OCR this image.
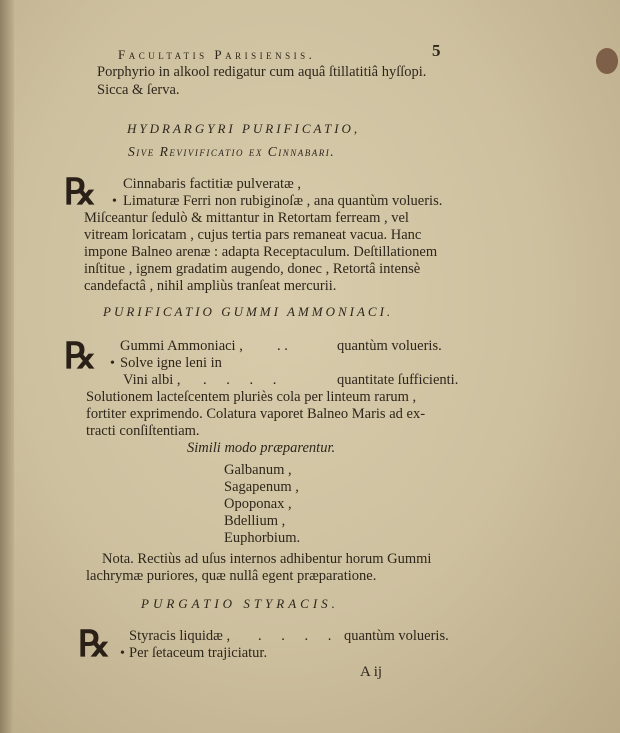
Facultatis Parisiensis.	5
Porphyrio in alkool redigatur cum aquâ ſtillatitiâ hyſſopi.
Sicca & ſerva.
HYDRARGYRI PURIFICATIO,
Sive Revivificatio ex Cinnabari.
℞ Cinnabaris factitiæ pulveratæ ,
• Limaturæ Ferri non rubiginoſæ , ana quantùm volueris.
Miſceantur ſedulò & mittantur in Retortam ferream , vel
vitream loricatam , cujus tertia pars remaneat vacua. Hanc
impone Balneo arenæ : adapta Receptaculum. Deſtillationem
inſtitue , ignem gradatim augendo, donec , Retortâ intensè
candefactâ , nihil ampliùs tranſeat mercurii.
PURIFICATIO GUMMI AMMONIACI.
℞ Gummi Ammoniaci , . .	quantùm volueris.
• Solve igne leni in
Vini albi , . . . .	quantitate ſufficienti.
Solutionem lacteſcentem pluriès cola per linteum rarum ,
fortiter exprimendo. Colatura vaporet Balneo Maris ad ex-
tracti conſiſtentiam.
Simili modo præparentur.
Galbanum ,
Sagapenum ,
Opoponax ,
Bdellium ,
Euphorbium.
Nota. Rectiùs ad uſus internos adhibentur horum Gummi
lachrymæ puriores, quæ nullâ egent præparatione.
PURGATIO STYRACIS.
℞ Styracis liquidæ , . . . . quantùm volueris.
• Per ſetaceum trajiciatur.
A ij
